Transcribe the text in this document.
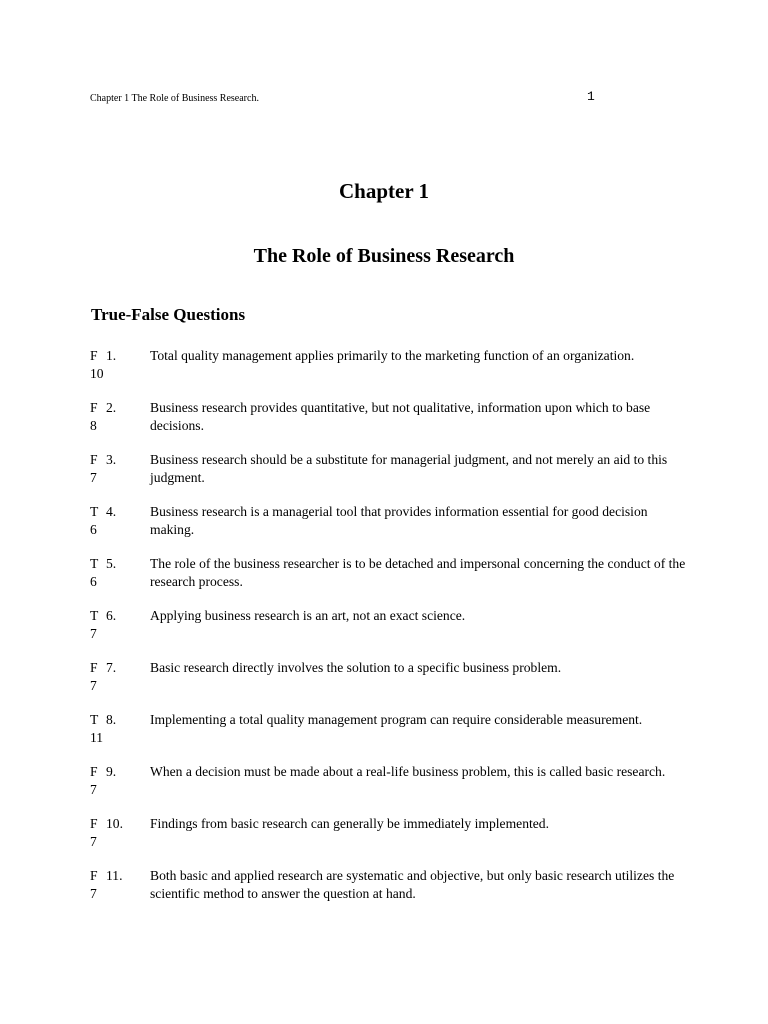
Chapter 1 The Role of Business Research.	1
Chapter 1
The Role of Business Research
True-False Questions
F 1.
10
Total quality management applies primarily to the marketing function of an organization.
F 2.
8
Business research provides quantitative, but not qualitative, information upon which to base decisions.
F 3.
7
Business research should be a substitute for managerial judgment, and not merely an aid to this judgment.
T 4.
6
Business research is a managerial tool that provides information essential for good decision making.
T 5.
6
The role of the business researcher is to be detached and impersonal concerning the conduct of the research process.
T 6.
7
Applying business research is an art, not an exact science.
F 7.
7
Basic research directly involves the solution to a specific business problem.
T 8.
11
Implementing a total quality management program can require considerable measurement.
F 9.
7
When a decision must be made about a real-life business problem, this is called basic research.
F 10.
7
Findings from basic research can generally be immediately implemented.
F 11.
7
Both basic and applied research are systematic and objective, but only basic research utilizes the scientific method to answer the question at hand.
